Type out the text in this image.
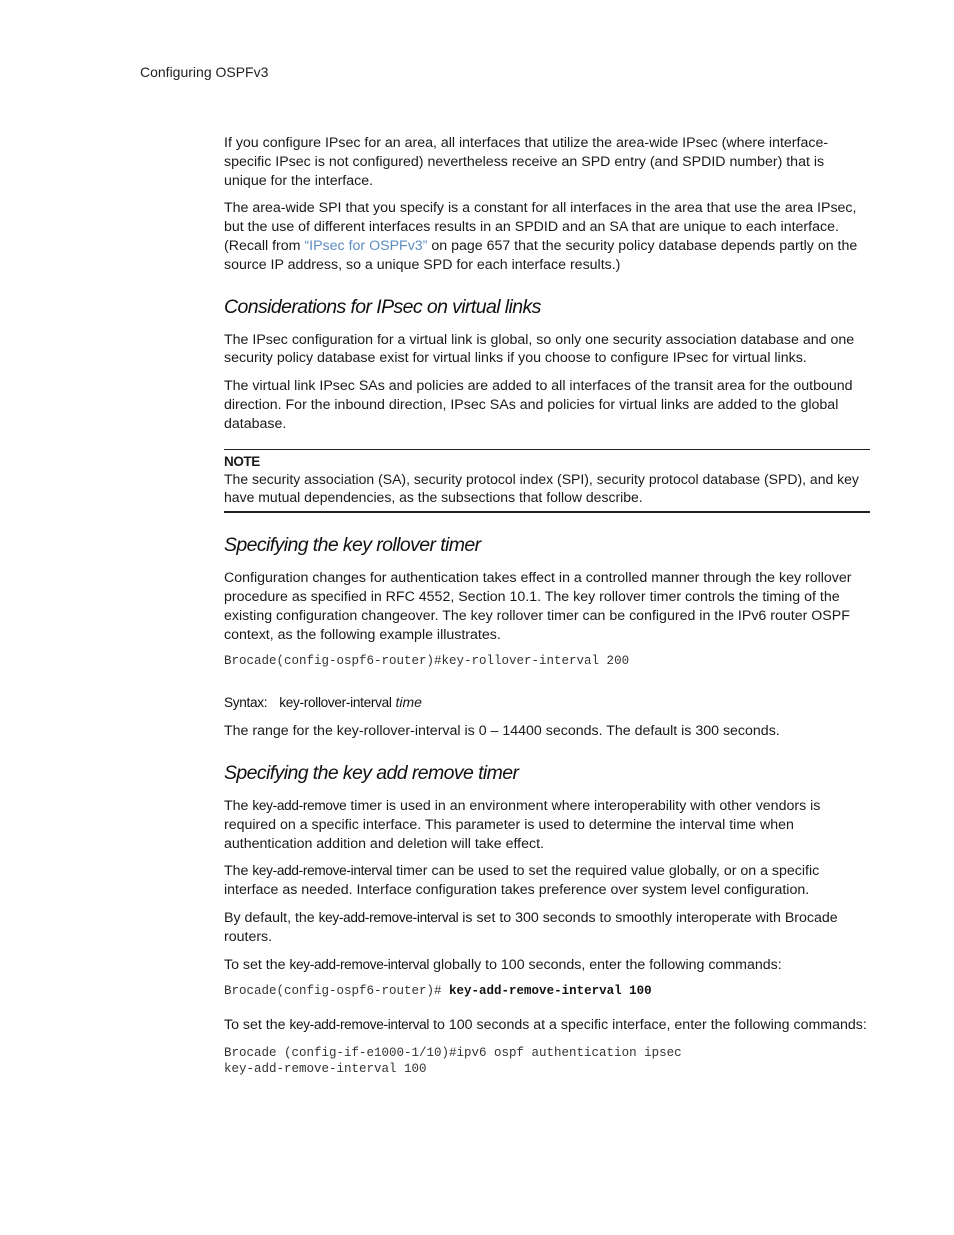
Configuring OSPFv3

If you configure IPsec for an area, all interfaces that utilize the area-wide IPsec (where interface-specific IPsec is not configured) nevertheless receive an SPD entry (and SPDID number) that is unique for the interface.

The area-wide SPI that you specify is a constant for all interfaces in the area that use the area IPsec, but the use of different interfaces results in an SPDID and an SA that are unique to each interface. (Recall from “IPsec for OSPFv3” on page 657 that the security policy database depends partly on the source IP address, so a unique SPD for each interface results.)

Considerations for IPsec on virtual links

The IPsec configuration for a virtual link is global, so only one security association database and one security policy database exist for virtual links if you choose to configure IPsec for virtual links.

The virtual link IPsec SAs and policies are added to all interfaces of the transit area for the outbound direction. For the inbound direction, IPsec SAs and policies for virtual links are added to the global database.

NOTE
The security association (SA), security protocol index (SPI), security protocol database (SPD), and key have mutual dependencies, as the subsections that follow describe.
Specifying the key rollover timer

Configuration changes for authentication takes effect in a controlled manner through the key rollover procedure as specified in RFC 4552, Section 10.1. The key rollover timer controls the timing of the existing configuration changeover. The key rollover timer can be configured in the IPv6 router OSPF context, as the following example illustrates.

Brocade(config-ospf6-router)#key-rollover-interval 200
Syntax: key-rollover-interval time

The range for the key-rollover-interval is 0 – 14400 seconds. The default is 300 seconds.

Specifying the key add remove timer

The key-add-remove timer is used in an environment where interoperability with other vendors is required on a specific interface. This parameter is used to determine the interval time when authentication addition and deletion will take effect.

The key-add-remove-interval timer can be used to set the required value globally, or on a specific interface as needed. Interface configuration takes preference over system level configuration.

By default, the key-add-remove-interval is set to 300 seconds to smoothly interoperate with Brocade routers.

To set the key-add-remove-interval globally to 100 seconds, enter the following commands:

Brocade(config-ospf6-router)# key-add-remove-interval 100

To set the key-add-remove-interval to 100 seconds at a specific interface, enter the following commands:

Brocade (config-if-e1000-1/10)#ipv6 ospf authentication ipsec
key-add-remove-interval 100
